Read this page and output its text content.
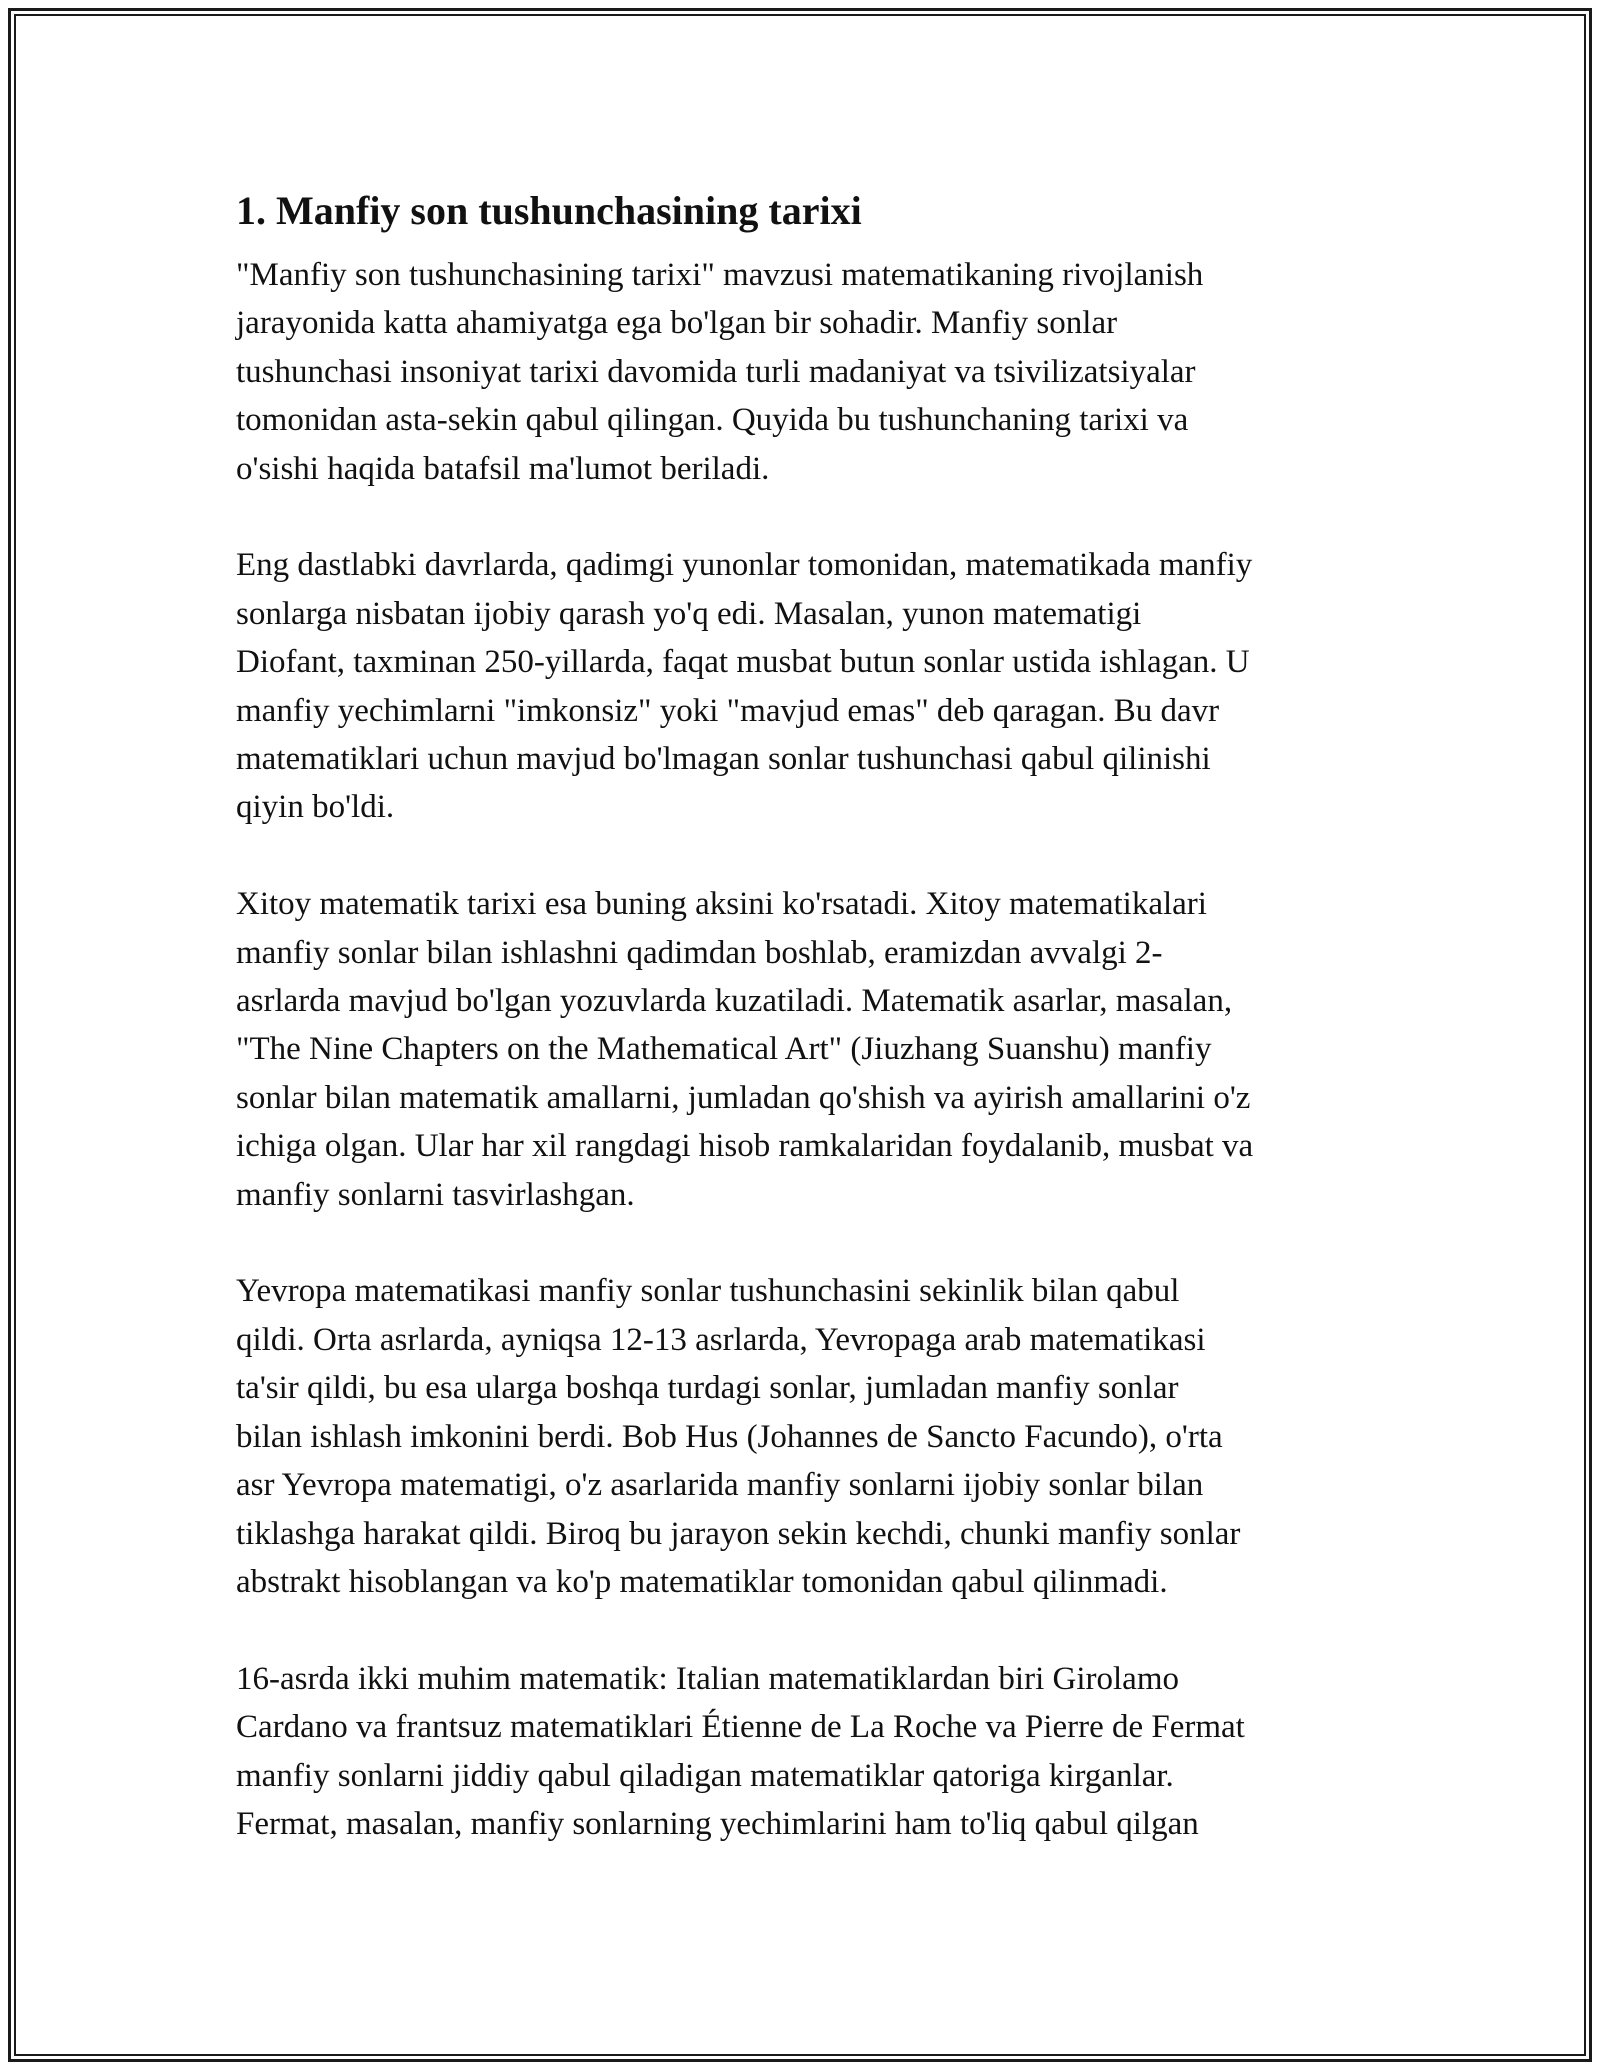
1. Manfiy son tushunchasining tarixi
"Manfiy son tushunchasining tarixi" mavzusi matematikaning rivojlanish
jarayonida katta ahamiyatga ega bo'lgan bir sohadir. Manfiy sonlar
tushunchasi insoniyat tarixi davomida turli madaniyat va tsivilizatsiyalar
tomonidan asta-sekin qabul qilingan. Quyida bu tushunchaning tarixi va
o'sishi haqida batafsil ma'lumot beriladi.
Eng dastlabki davrlarda, qadimgi yunonlar tomonidan, matematikada manfiy
sonlarga nisbatan ijobiy qarash yo'q edi. Masalan, yunon matematigi
Diofant, taxminan 250-yillarda, faqat musbat butun sonlar ustida ishlagan. U
manfiy yechimlarni "imkonsiz" yoki "mavjud emas" deb qaragan. Bu davr
matematiklari uchun mavjud bo'lmagan sonlar tushunchasi qabul qilinishi
qiyin bo'ldi.
Xitoy matematik tarixi esa buning aksini ko'rsatadi. Xitoy matematikalari
manfiy sonlar bilan ishlashni qadimdan boshlab, eramizdan avvalgi 2-
asrlarda mavjud bo'lgan yozuvlarda kuzatiladi. Matematik asarlar, masalan,
"The Nine Chapters on the Mathematical Art" (Jiuzhang Suanshu) manfiy
sonlar bilan matematik amallarni, jumladan qo'shish va ayirish amallarini o'z
ichiga olgan. Ular har xil rangdagi hisob ramkalaridan foydalanib, musbat va
manfiy sonlarni tasvirlashgan.
Yevropa matematikasi manfiy sonlar tushunchasini sekinlik bilan qabul
qildi. Orta asrlarda, ayniqsa 12-13 asrlarda, Yevropaga arab matematikasi
ta'sir qildi, bu esa ularga boshqa turdagi sonlar, jumladan manfiy sonlar
bilan ishlash imkonini berdi. Bob Hus (Johannes de Sancto Facundo), o'rta
asr Yevropa matematigi, o'z asarlarida manfiy sonlarni ijobiy sonlar bilan
tiklashga harakat qildi. Biroq bu jarayon sekin kechdi, chunki manfiy sonlar
abstrakt hisoblangan va ko'p matematiklar tomonidan qabul qilinmadi.
16-asrda ikki muhim matematik: Italian matematiklardan biri Girolamo
Cardano va frantsuz matematiklari Étienne de La Roche va Pierre de Fermat
manfiy sonlarni jiddiy qabul qiladigan matematiklar qatoriga kirganlar.
Fermat, masalan, manfiy sonlarning yechimlarini ham to'liq qabul qilgan
